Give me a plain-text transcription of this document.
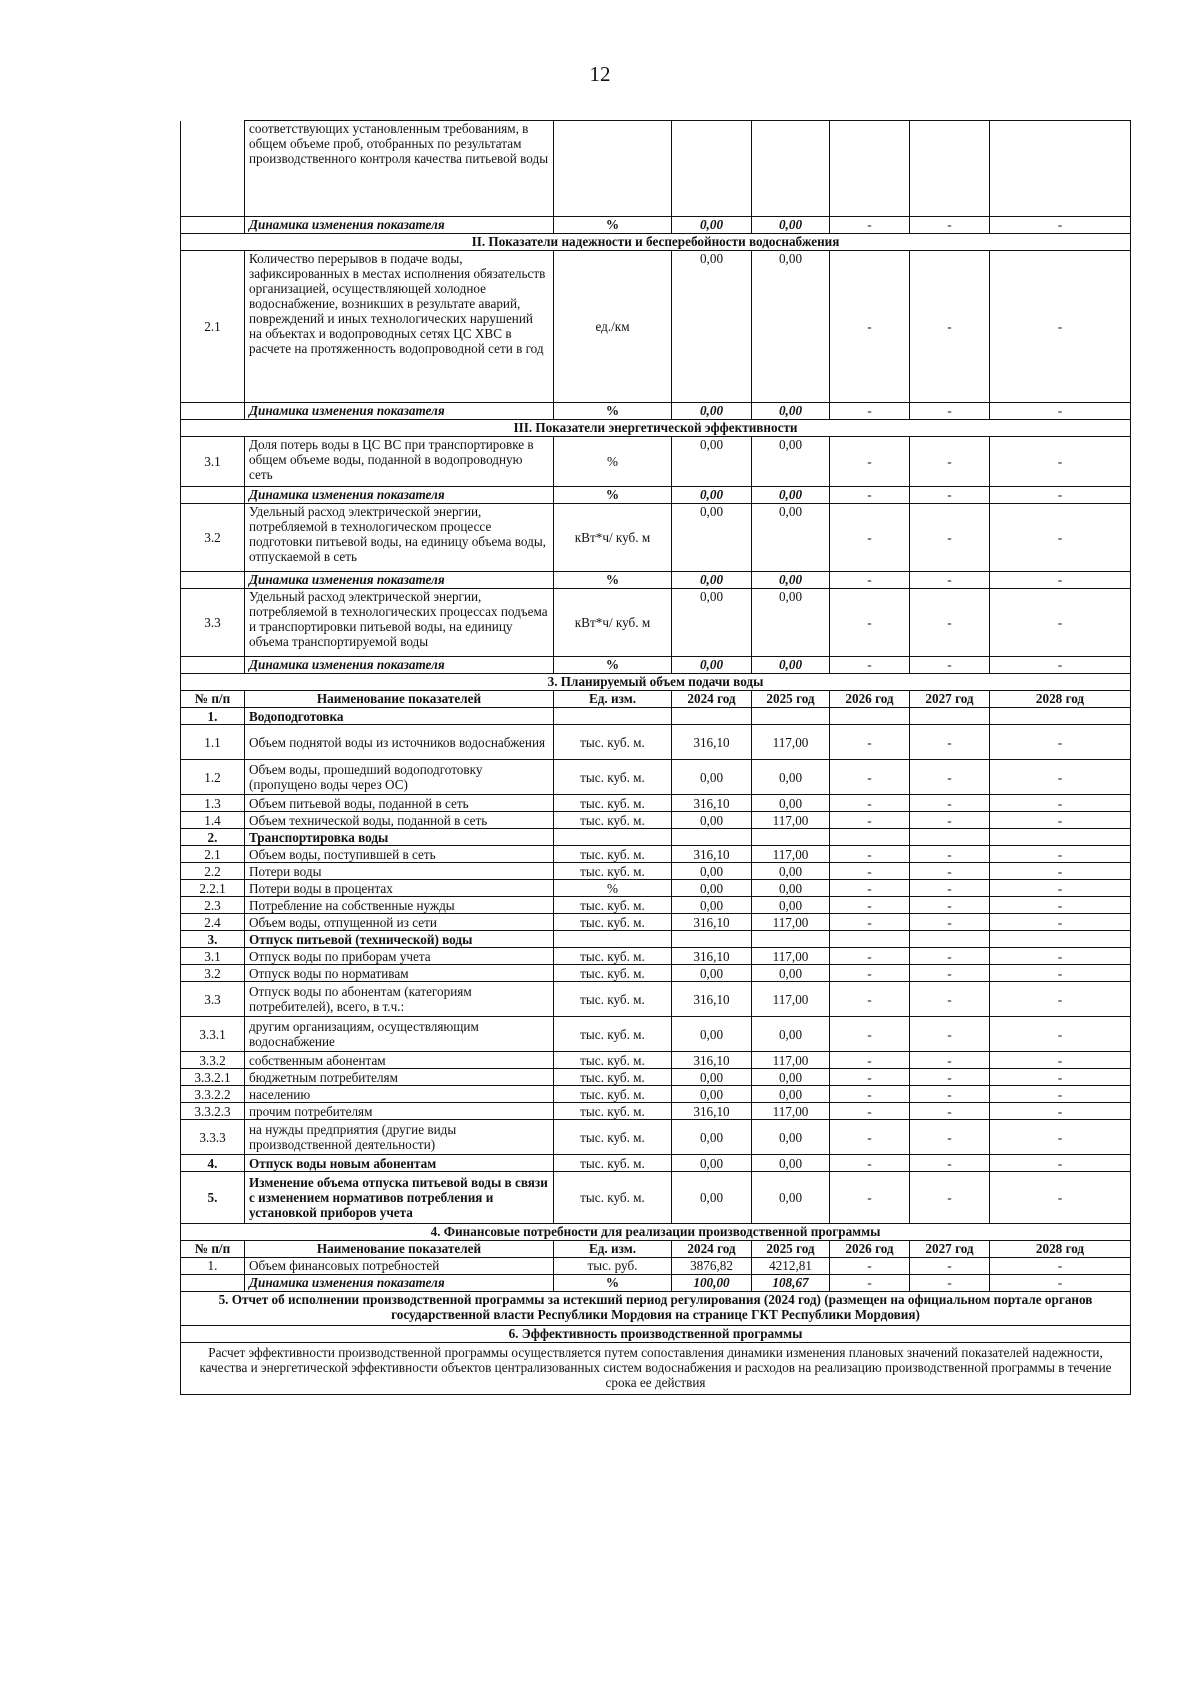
12
	соответствующих установленным требованиям, в общем объеме проб, отобранных по результатам производственного контроля качества питьевой воды						
	Динамика изменения показателя	%	0,00	0,00	-	-	-
II. Показатели надежности и бесперебойности водоснабжения							
2.1	Количество перерывов в подаче воды, зафиксированных в местах исполнения обязательств организацией, осуществляющей холодное водоснабжение, возникших в результате аварий, повреждений и иных технологических нарушений на объектах и водопроводных сетях ЦС ХВС в расчете на протяженность водопроводной сети в год	ед./км	0,00	0,00	-	-	-
	Динамика изменения показателя	%	0,00	0,00	-	-	-
III. Показатели энергетической эффективности							
3.1	Доля потерь воды в ЦС ВС при транспортировке в общем объеме воды, поданной в водопроводную сеть	%	0,00	0,00	-	-	-
	Динамика изменения показателя	%	0,00	0,00	-	-	-
3.2	Удельный расход электрической энергии, потребляемой в технологическом процессе подготовки питьевой воды, на единицу объема воды, отпускаемой в сеть	кВт*ч/ куб. м	0,00	0,00	-	-	-
	Динамика изменения показателя	%	0,00	0,00	-	-	-
3.3	Удельный расход электрической энергии, потребляемой в технологических процессах подъема и транспортировки питьевой воды, на единицу объема транспортируемой воды	кВт*ч/ куб. м	0,00	0,00	-	-	-
	Динамика изменения показателя	%	0,00	0,00	-	-	-
3. Планируемый объем подачи воды							
№ п/п	Наименование показателей	Ед. изм.	2024 год	2025 год	2026 год	2027 год	2028 год
1.	Водоподготовка						
1.1	Объем поднятой воды из источников водоснабжения	тыс. куб. м.	316,10	117,00	-	-	-
1.2	Объем воды, прошедший водоподготовку (пропущено воды через ОС)	тыс. куб. м.	0,00	0,00	-	-	-
1.3	Объем питьевой воды, поданной в сеть	тыс. куб. м.	316,10	0,00	-	-	-
1.4	Объем технической воды, поданной в сеть	тыс. куб. м.	0,00	117,00	-	-	-
2.	Транспортировка воды						
2.1	Объем воды, поступившей в сеть	тыс. куб. м.	316,10	117,00	-	-	-
2.2	Потери воды	тыс. куб. м.	0,00	0,00	-	-	-
2.2.1	Потери воды в процентах	%	0,00	0,00	-	-	-
2.3	Потребление на собственные нужды	тыс. куб. м.	0,00	0,00	-	-	-
2.4	Объем воды, отпущенной из сети	тыс. куб. м.	316,10	117,00	-	-	-
3.	Отпуск питьевой (технической) воды						
3.1	Отпуск воды по приборам учета	тыс. куб. м.	316,10	117,00	-	-	-
3.2	Отпуск воды по нормативам	тыс. куб. м.	0,00	0,00	-	-	-
3.3	Отпуск воды по абонентам (категориям потребителей), всего, в т.ч.:	тыс. куб. м.	316,10	117,00	-	-	-
3.3.1	другим организациям, осуществляющим водоснабжение	тыс. куб. м.	0,00	0,00	-	-	-
3.3.2	собственным абонентам	тыс. куб. м.	316,10	117,00	-	-	-
3.3.2.1	бюджетным потребителям	тыс. куб. м.	0,00	0,00	-	-	-
3.3.2.2	населению	тыс. куб. м.	0,00	0,00	-	-	-
3.3.2.3	прочим потребителям	тыс. куб. м.	316,10	117,00	-	-	-
3.3.3	на нужды предприятия (другие виды производственной деятельности)	тыс. куб. м.	0,00	0,00	-	-	-
4.	Отпуск воды новым абонентам	тыс. куб. м.	0,00	0,00	-	-	-
5.	Изменение объема отпуска питьевой воды в связи с изменением нормативов потребления и установкой приборов учета	тыс. куб. м.	0,00	0,00	-	-	-
4. Финансовые потребности для реализации производственной программы							
№ п/п	Наименование показателей	Ед. изм.	2024 год	2025 год	2026 год	2027 год	2028 год
1.	Объем финансовых потребностей	тыс. руб.	3876,82	4212,81	-	-	-
	Динамика изменения показателя	%	100,00	108,67	-	-	-
5. Отчет об исполнении производственной программы за истекший период регулирования (2024 год) (размещен на официальном портале органов государственной власти Республики Мордовия на странице ГКТ Республики Мордовия)							
6. Эффективность производственной программы							
Расчет эффективности производственной программы осуществляется путем сопоставления динамики изменения плановых значений показателей надежности, качества и энергетической эффективности объектов централизованных систем водоснабжения и расходов на реализацию производственной программы в течение срока ее действия							
